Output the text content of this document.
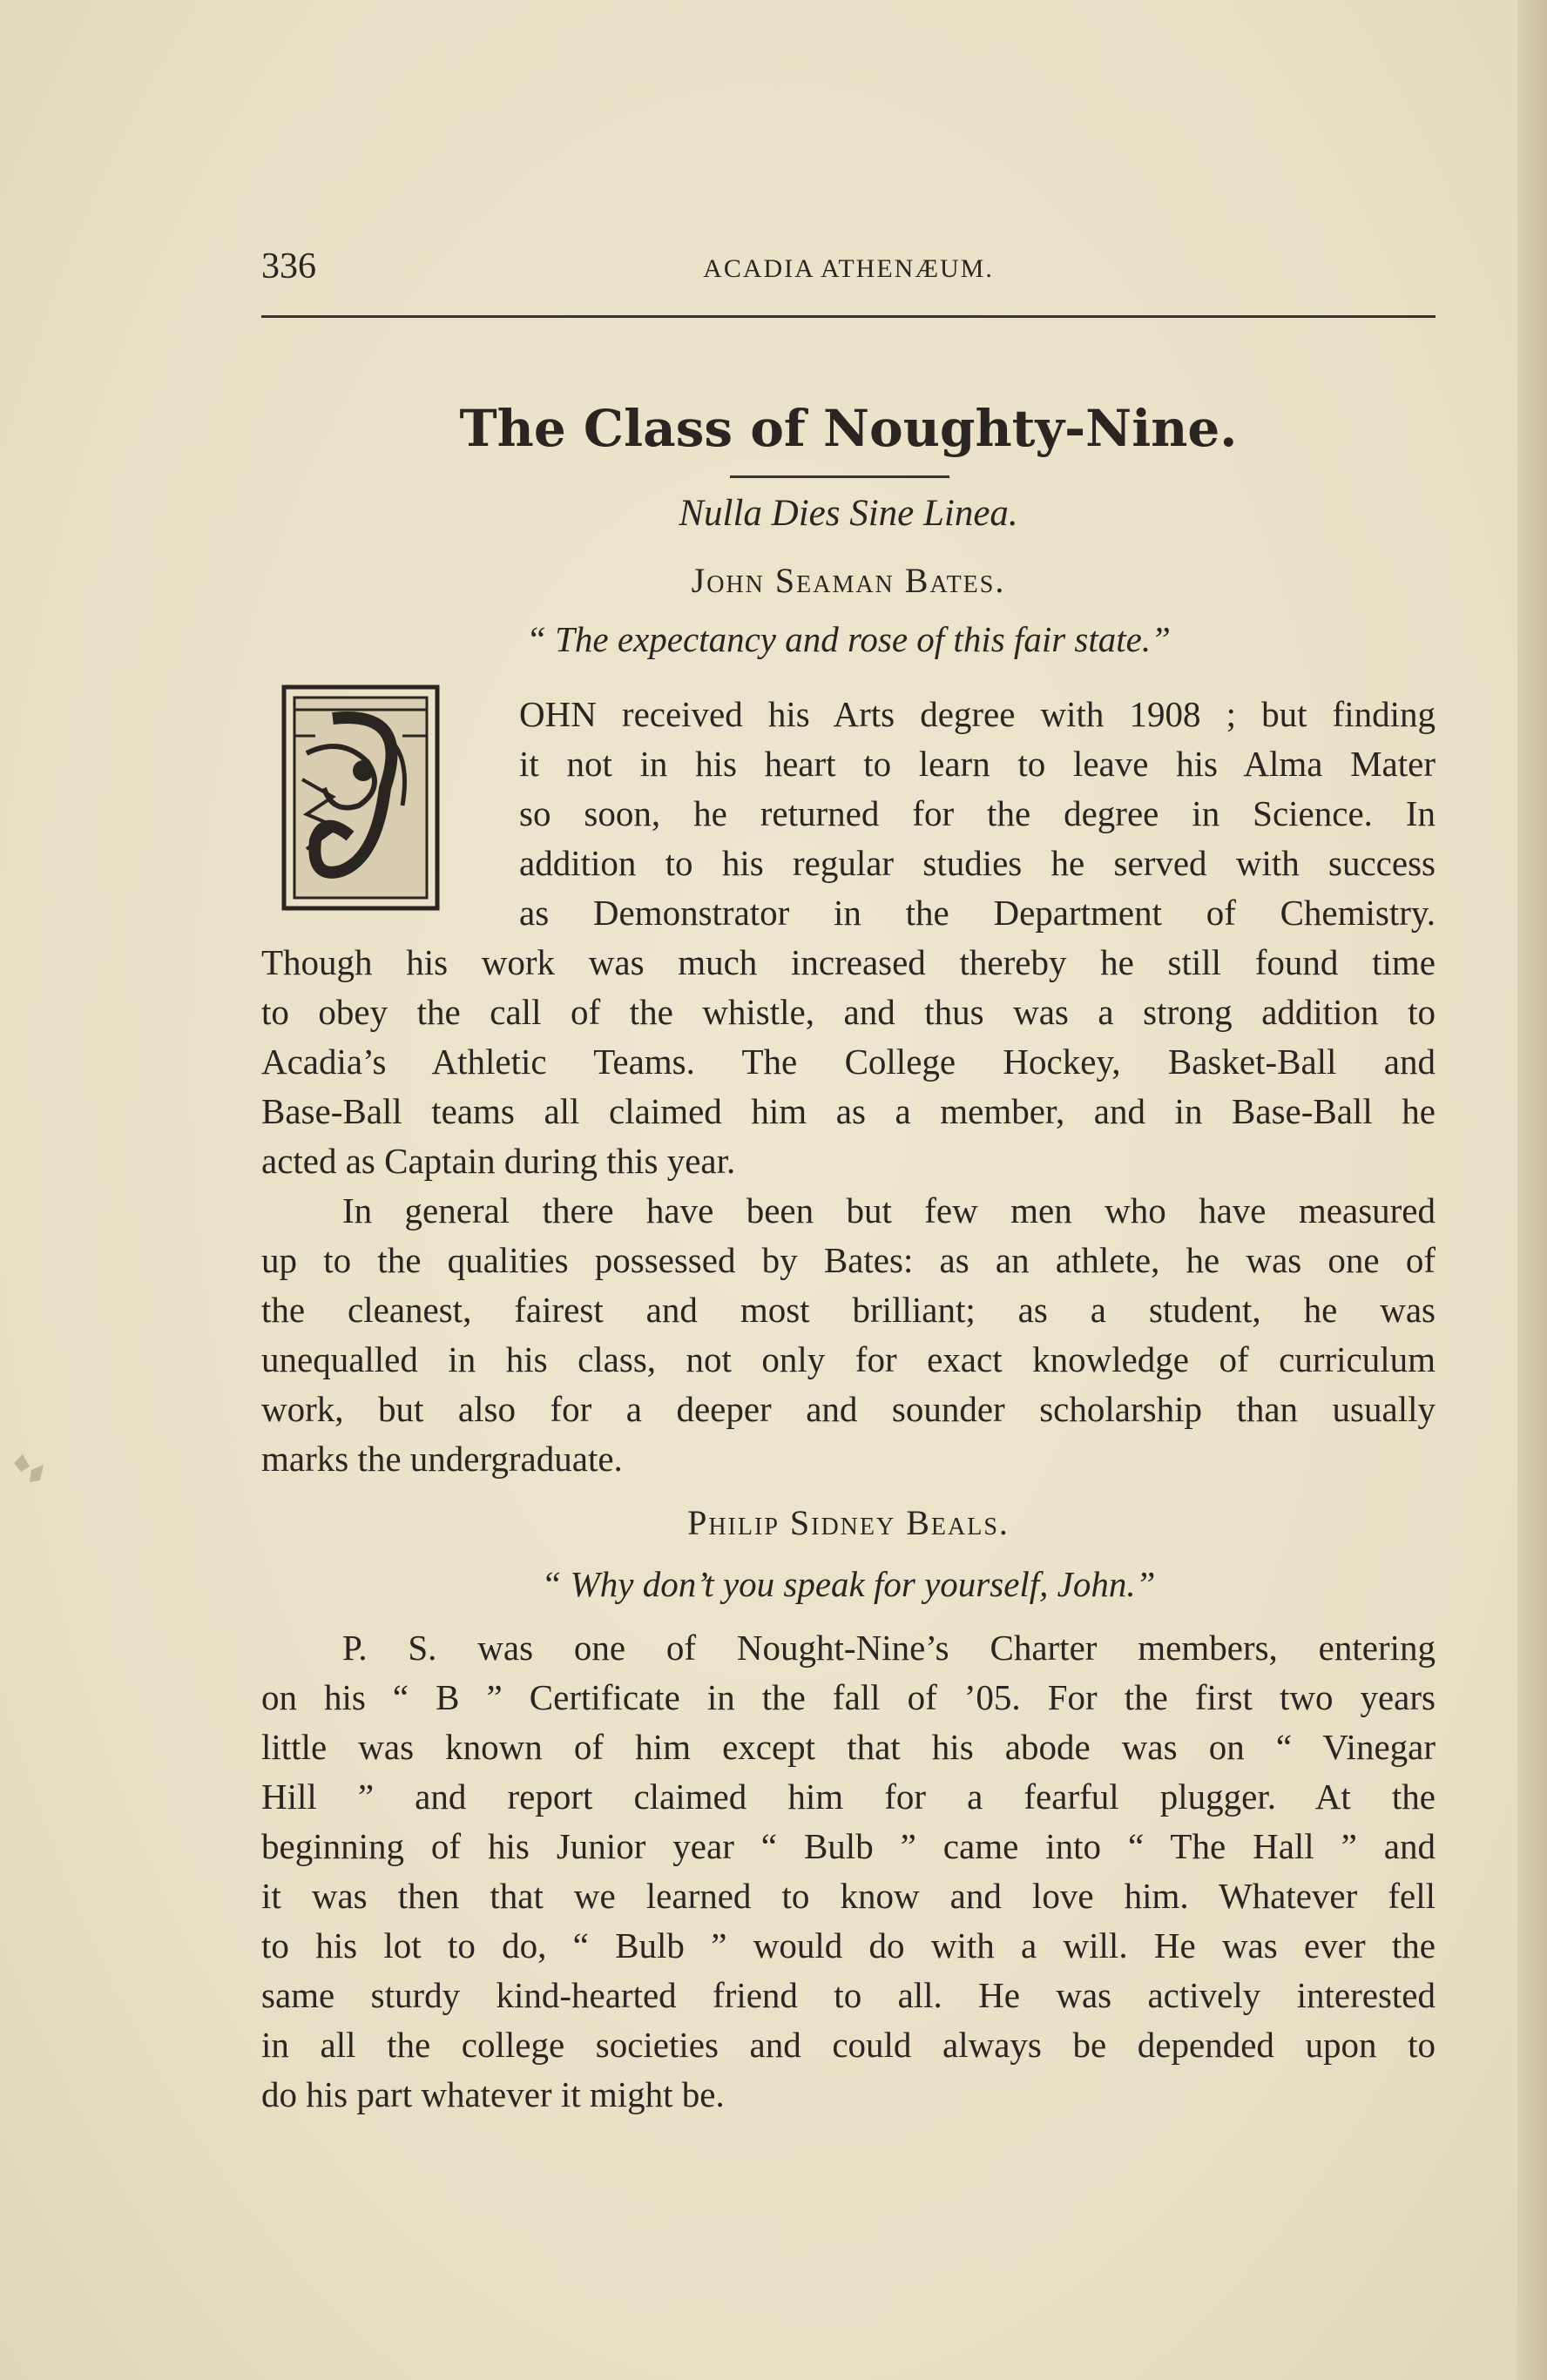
336	ACADIA ATHENÆUM.
The Class of Noughty-Nine.
Nulla Dies Sine Linea.
John Seaman Bates.
“ The expectancy and rose of this fair state.”
OHN received his Arts degree with 1908 ; but finding
it not in his heart to learn to leave his Alma Mater
so soon, he returned for the degree in Science. In
addition to his regular studies he served with success
as Demonstrator in the Department of Chemistry.
Though his work was much increased thereby he still found time
to obey the call of the whistle, and thus was a strong addition to
Acadia’s Athletic Teams. The College Hockey, Basket-Ball and
Base-Ball teams all claimed him as a member, and in Base-Ball he
acted as Captain during this year.
In general there have been but few men who have measured
up to the qualities possessed by Bates: as an athlete, he was one of
the cleanest, fairest and most brilliant; as a student, he was
unequalled in his class, not only for exact knowledge of curriculum
work, but also for a deeper and sounder scholarship than usually
marks the undergraduate.
Philip Sidney Beals.
“ Why don’t you speak for yourself, John.”
P. S. was one of Nought-Nine’s Charter members, entering
on his “ B ” Certificate in the fall of ’05. For the first two years
little was known of him except that his abode was on “ Vinegar
Hill ” and report claimed him for a fearful plugger. At the
beginning of his Junior year “ Bulb ” came into “ The Hall ” and
it was then that we learned to know and love him. Whatever fell
to his lot to do, “ Bulb ” would do with a will. He was ever the
same sturdy kind-hearted friend to all. He was actively interested
in all the college societies and could always be depended upon to
do his part whatever it might be.
